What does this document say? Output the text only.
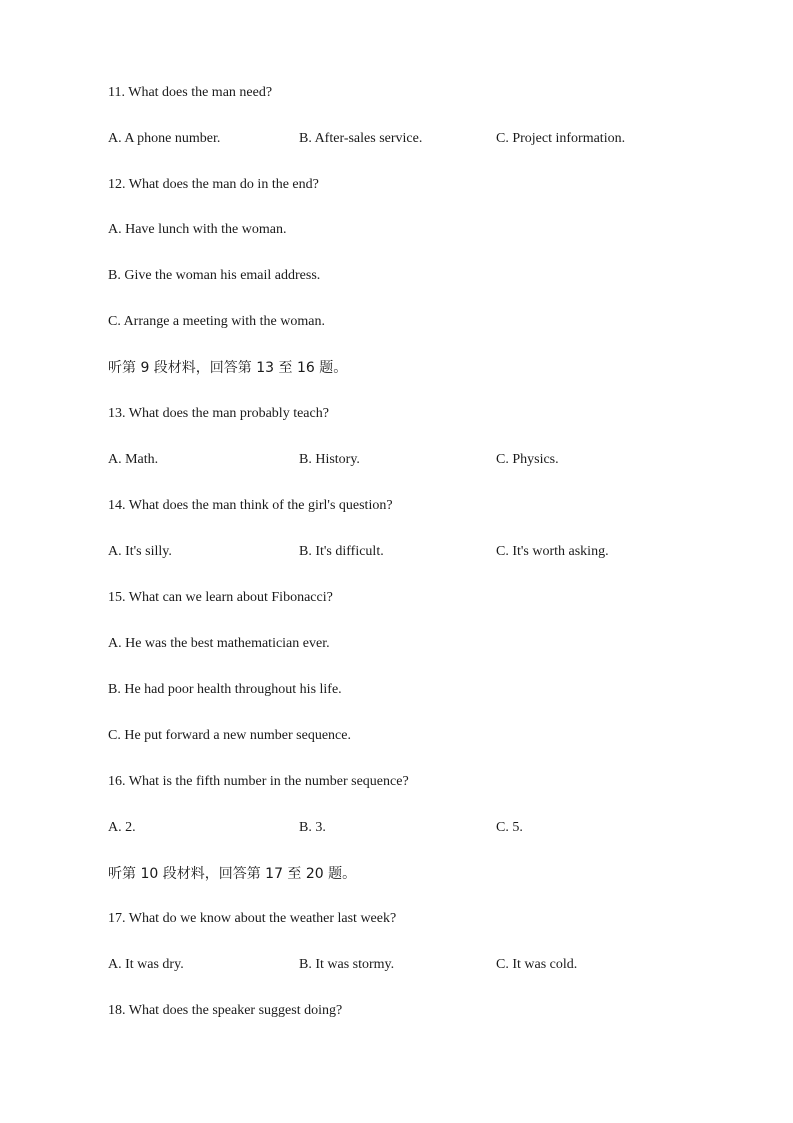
11. What does the man need?
A. A phone number.	B. After-sales service.	C. Project information.
12. What does the man do in the end?
A. Have lunch with the woman.
B. Give the woman his email address.
C. Arrange a meeting with the woman.
听第 9 段材料，回答第 13 至 16 题。
13. What does the man probably teach?
A. Math.	B. History.	C. Physics.
14. What does the man think of the girl's question?
A. It's silly.	B. It's difficult.	C. It's worth asking.
15. What can we learn about Fibonacci?
A. He was the best mathematician ever.
B. He had poor health throughout his life.
C. He put forward a new number sequence.
16. What is the fifth number in the number sequence?
A. 2.	B. 3.	C. 5.
听第 10 段材料，回答第 17 至 20 题。
17. What do we know about the weather last week?
A. It was dry.	B. It was stormy.	C. It was cold.
18. What does the speaker suggest doing?
